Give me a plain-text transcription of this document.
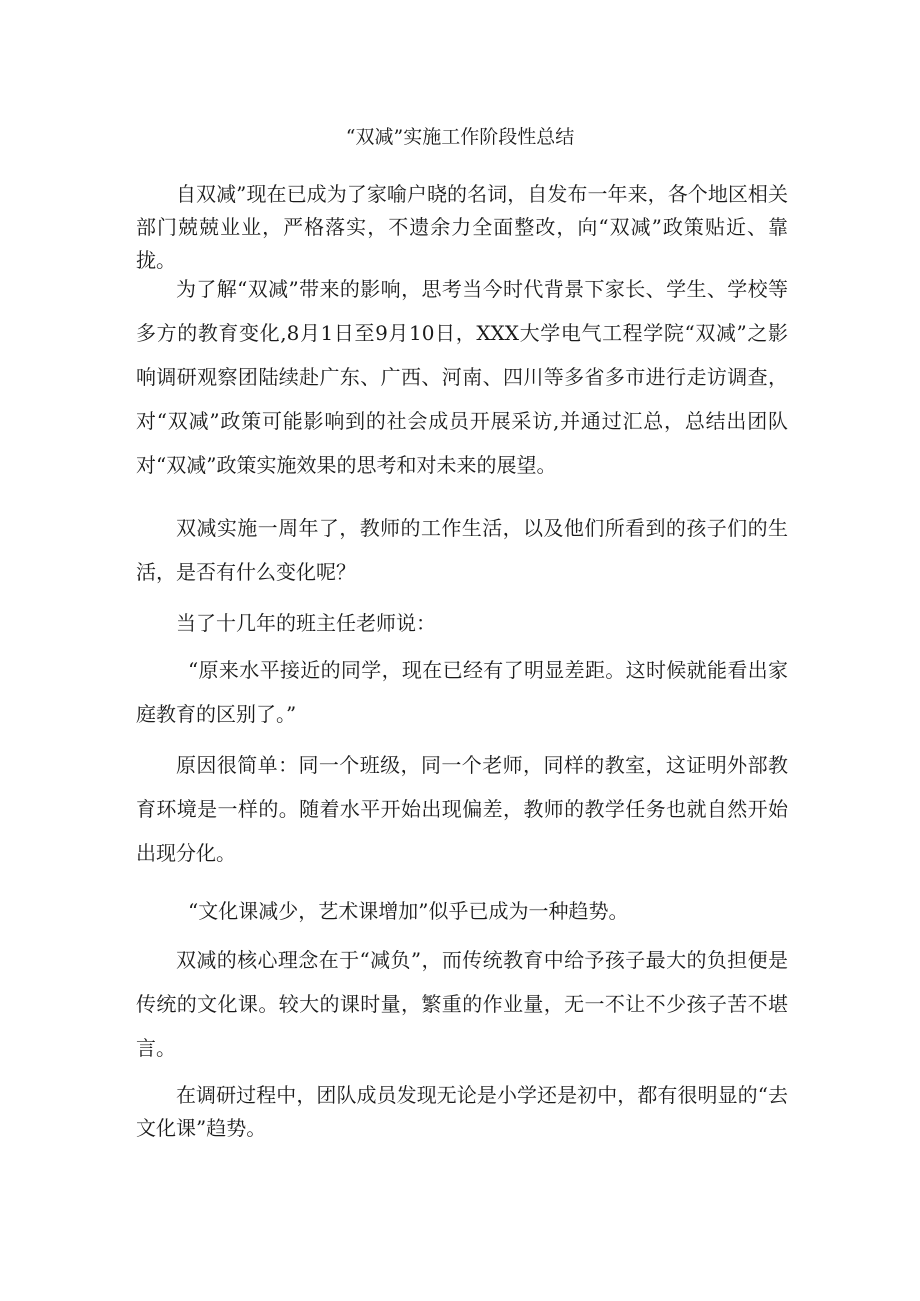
“双减”实施工作阶段性总结

自双减”现在已成为了家喻户晓的名词，自发布一年来，各个地区相关部门兢兢业业，严格落实，不遗余力全面整改，向“双减”政策贴近、靠拢。

为了解“双减”带来的影响，思考当今时代背景下家长、学生、学校等多方的教育变化,8月1日至9月10日，XXX大学电气工程学院“双减”之影响调研观察团陆续赴广东、广西、河南、四川等多省多市进行走访调查，对“双减”政策可能影响到的社会成员开展采访,并通过汇总，总结出团队对“双减”政策实施效果的思考和对未来的展望。

双减实施一周年了，教师的工作生活，以及他们所看到的孩子们的生活，是否有什么变化呢？

当了十几年的班主任老师说：

“原来水平接近的同学，现在已经有了明显差距。这时候就能看出家庭教育的区别了。”

原因很简单：同一个班级，同一个老师，同样的教室，这证明外部教育环境是一样的。随着水平开始出现偏差，教师的教学任务也就自然开始出现分化。

“文化课减少，艺术课增加”似乎已成为一种趋势。

双减的核心理念在于“减负”，而传统教育中给予孩子最大的负担便是传统的文化课。较大的课时量，繁重的作业量，无一不让不少孩子苦不堪言。

在调研过程中，团队成员发现无论是小学还是初中，都有很明显的“去文化课”趋势。
